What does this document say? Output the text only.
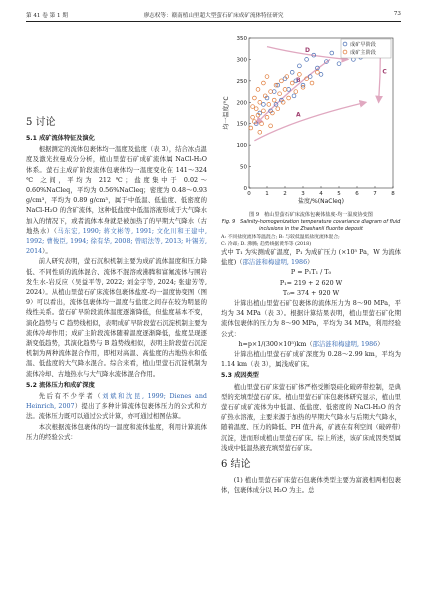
第 41 卷 第 1 期	廖志权等：赣南植山里超大型萤石矿床成矿流体特征研究	73
0	1	2	3	4	5	6	7	8
0
50
100
150
200
250
300
350
盐度/%(NaCleq)
均一温度/°C	A
B
C
D
成矿早阶段
成矿主阶段
图 9　植山里萤石矿床流体包裹体盐度-均一温度协变图
Fig. 9　Salinity-homogenization temperature covariance diagram of fluid inclusions in the Zhashanli fluorite deposit
A: 不同盐度流体等温混合; B: 与较低温低盐度流体混合;
C: 冷却; D. 沸腾; 趋势线据黄华等 (2018)
5 讨论
5.1 成矿流体特征及演化

根据测定的流体包裹体均一温度及盐度（表 3），结合冰点温度及激光拉曼成分分析，植山里萤石矿成矿流体属 NaCl-H₂O 体系。萤石主成矿阶段流体包裹体均一温度变化在 141～324 ℃ 之间，平均为 212 ℃；盐度集中于 0.02～0.60%NaCleq，平均为 0.56%NaCleq；密度为 0.48～0.93 g/cm³，平均为 0.89 g/cm³，属于中低温、低盐度、低密度的 NaCl-H₂O 的含矿流体，这种低盐度中低温溶液形成于大气降水加入的情况下，或者流体本身就是被加热了的早期大气降水（古地热水）（马东宏, 1990; 蒋文彬等, 1991; 文化川和王建中, 1992; 曹俊臣, 1994; 徐有华, 2008; 曾昭法等, 2013; 叶锡芳, 2014）。

前人研究表明，萤石沉积机制主要为成矿流体温度和压力降低、不同性质的流体混合、流体不混溶或沸腾和富氟流体与围岩发生水-岩反应（吴益平等, 2022; 刘金宇等, 2024; 张建芳等, 2024）。从植山里萤石矿床流体包裹体盐度-均一温度协变图（图 9）可以看出，流体包裹体均一温度与盐度之间存在较为明显的线性关系。萤石矿早阶段流体温度逐渐降低，但盐度基本不变，演化趋势与 C 趋势线相似，表明成矿早阶段萤石沉淀机制主要为流体冷却作用；成矿主阶段流体随着温度逐渐降低，盐度呈现逐渐变低趋势，其演化趋势与 B 趋势线相似，表明主阶段萤石沉淀机制为两种流体混合作用，即相对高温、高盐度的古地热水和低温、低盐度的大气降水混合。综合来看，植山里萤石沉淀机制为流体冷却、古地热水与大气降水流体混合作用。

5.2 流体压力和成矿深度

先后有不少学者（刘斌和沈昆, 1999; Dienes and Heinrich, 2007）提出了多种计算流体包裹体压力的公式和方法。流体压力既可以通过公式计算，亦可通过相图估算。

本次根据流体包裹体的均一温度和流体盐度，利用计算流体压力的经验公式：

式中 T₁ 为实测成矿温度，P₁ 为成矿压力 (×10⁵ Pa，W 为流体盐度)（邵洁涟和梅建明, 1986）

P = P₁T₁ / T₀

P₁= 219 + 2 620 W

T₀= 374 + 920 W

计算出植山里萤石矿包裹体的流体压力为 8～90 MPa，平均为 34 MPa（表 3）。根据计算结果表明，植山里萤石矿化期流体包裹体的压力为 8～90 MPa，平均为 34 MPa，利用经验公式：

h=p×1/(300×10⁵)km（邵洁涟和梅建明, 1986）

计算出植山里萤石矿成矿深度为 0.28～2.99 km，平均为 1.14 km（表 3），属浅成矿床。

5.3 成因类型

植山里萤石矿床萤石矿体严格受断裂硅化破碎带控制，是典型的充填型萤石矿床。植山里萤石矿床包裹体研究显示，植山里萤石矿成矿流体为中低温、低盐度、低密度的 NaCl-H₂O 的含矿热水溶液，主要来源于加热的早期大气降水与后期大气降水，随着温度、压力的降低、PH 值升高，矿液在有利空间（破碎带）沉淀，进而形成植山里萤石矿床。综上所述，该矿床成因类型属浅成中低温热液充填型萤石矿床。

6 结论

(1) 植山里萤石矿床萤石包裹体类型主要为富液相两相包裹体，包裹体成分以 H₂O 为主。总
